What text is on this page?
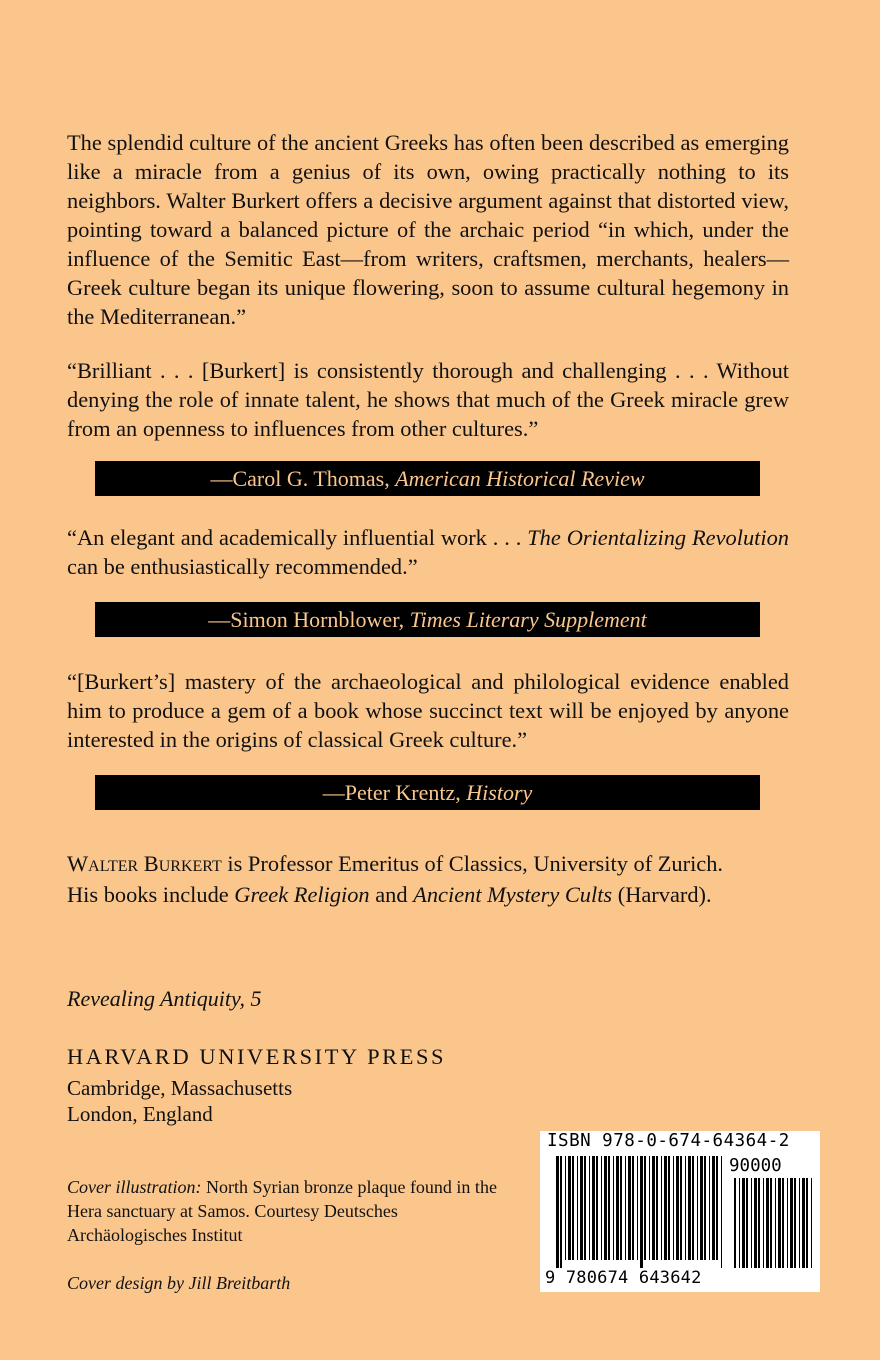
The splendid culture of the ancient Greeks has often been described as emerging like a miracle from a genius of its own, owing practically nothing to its neighbors. Walter Burkert offers a decisive argument against that distorted view, pointing toward a balanced picture of the archaic period “in which, under the influence of the Semitic East—from writers, craftsmen, merchants, healers—Greek culture began its unique flowering, soon to assume cultural hegemony in the Mediterranean.”

“Brilliant . . . [Burkert] is consistently thorough and challenging . . . Without denying the role of innate talent, he shows that much of the Greek miracle grew from an openness to influences from other cultures.”

—Carol G. Thomas, American Historical Review

“An elegant and academically influential work . . . The Orientalizing Revolution can be enthusiastically recommended.”

—Simon Hornblower, Times Literary Supplement

“[Burkert’s] mastery of the archaeological and philological evidence enabled him to produce a gem of a book whose succinct text will be enjoyed by anyone interested in the origins of classical Greek culture.”

—Peter Krentz, History

Walter Burkert is Professor Emeritus of Classics, University of Zurich.
His books include Greek Religion and Ancient Mystery Cults (Harvard).

Revealing Antiquity, 5

HARVARD UNIVERSITY PRESS

Cambridge, Massachusetts

London, England

Cover illustration: North Syrian bronze plaque found in the Hera sanctuary at Samos. Courtesy Deutsches Archäologisches Institut

Cover design by Jill Breitbarth

ISBN 978-0-674-64364-2
90000
9 780674 643642
